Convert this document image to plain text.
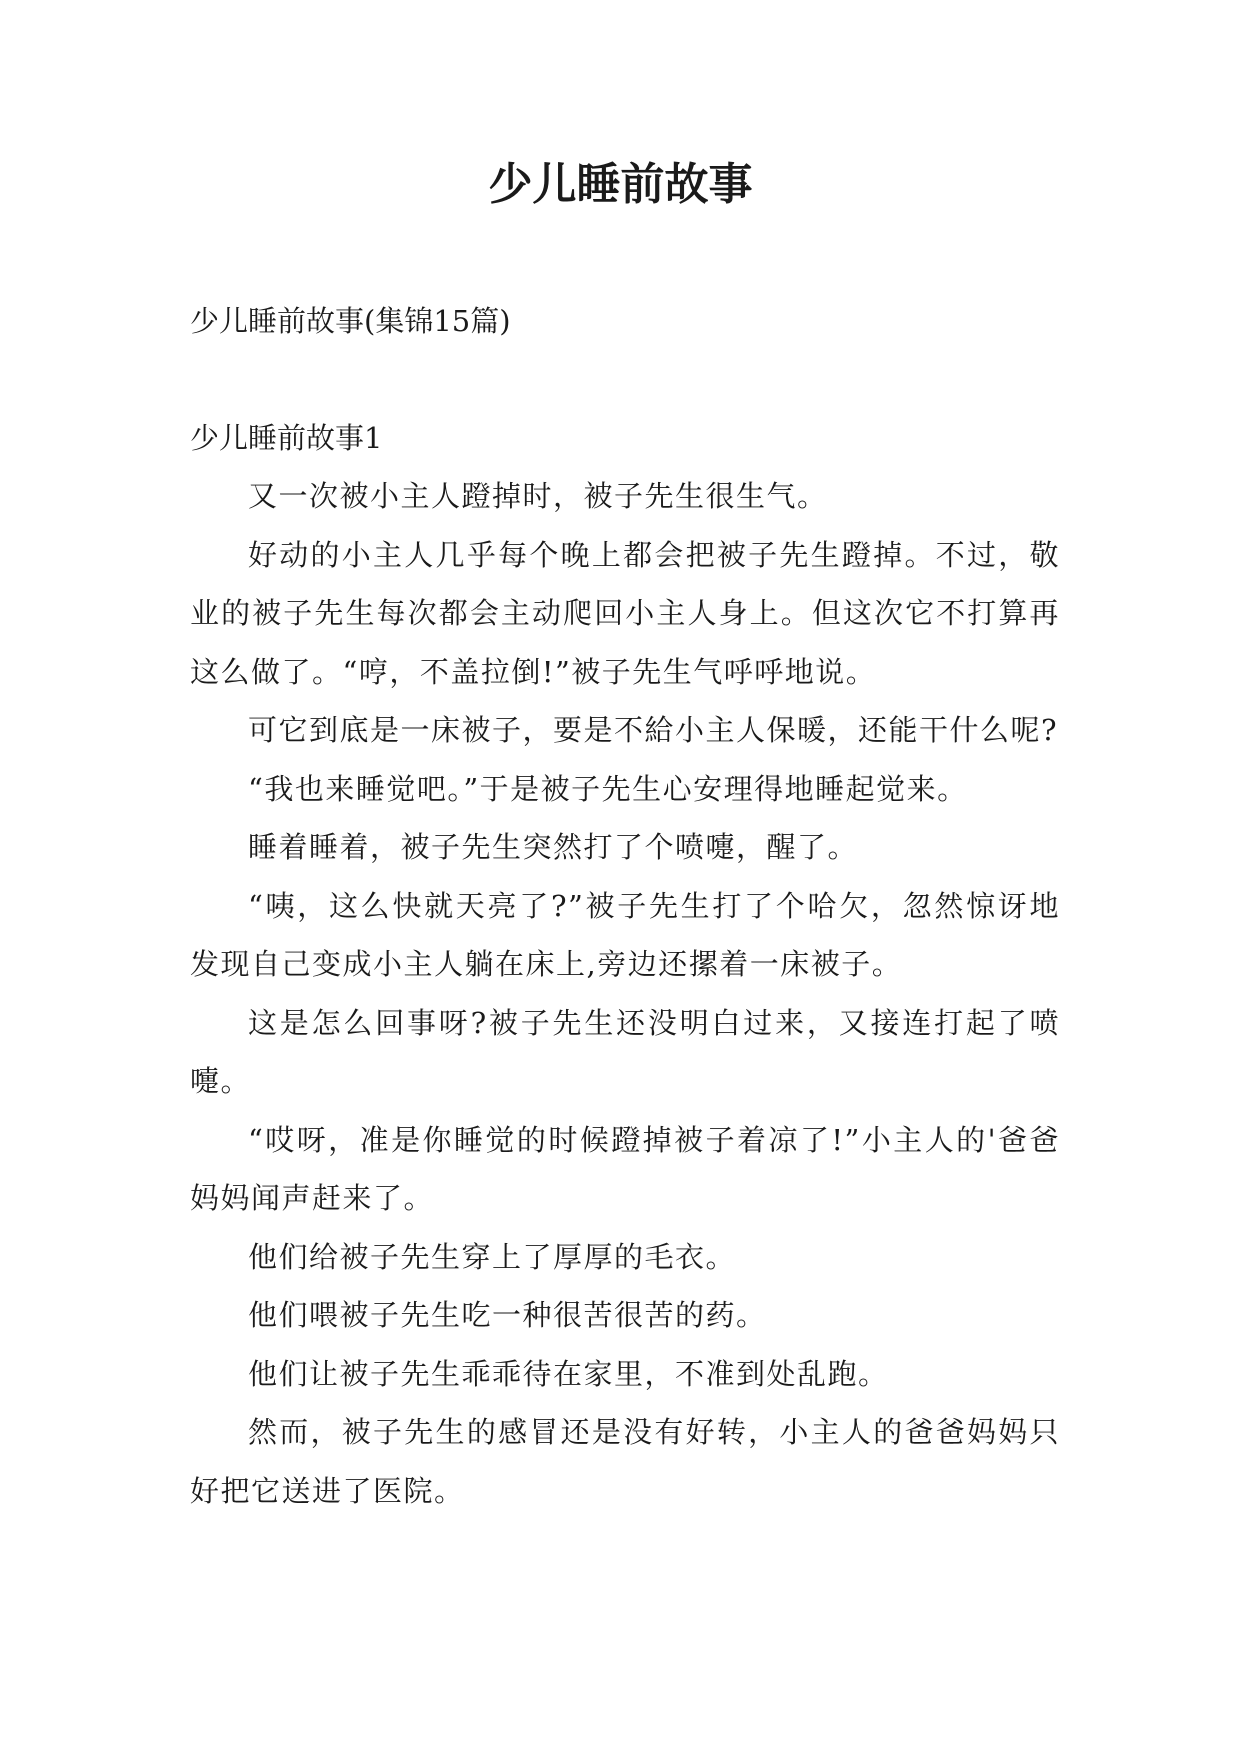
少儿睡前故事

少儿睡前故事(集锦15篇)

少儿睡前故事1

又一次被小主人蹬掉时，被子先生很生气。

好动的小主人几乎每个晚上都会把被子先生蹬掉。不过，敬业的被子先生每次都会主动爬回小主人身上。但这次它不打算再这么做了。“哼，不盖拉倒!”被子先生气呼呼地说。

可它到底是一床被子，要是不給小主人保暖，还能干什么呢?

“我也来睡觉吧。”于是被子先生心安理得地睡起觉来。

睡着睡着，被子先生突然打了个喷嚏，醒了。

“咦，这么快就天亮了?”被子先生打了个哈欠，忽然惊讶地发现自己变成小主人躺在床上,旁边还摞着一床被子。

这是怎么回事呀?被子先生还没明白过来，又接连打起了喷嚏。

“哎呀，准是你睡觉的时候蹬掉被子着凉了!”小主人的'爸爸妈妈闻声赶来了。

他们给被子先生穿上了厚厚的毛衣。

他们喂被子先生吃一种很苦很苦的药。

他们让被子先生乖乖待在家里，不准到处乱跑。

然而，被子先生的感冒还是没有好转，小主人的爸爸妈妈只好把它送进了医院。
